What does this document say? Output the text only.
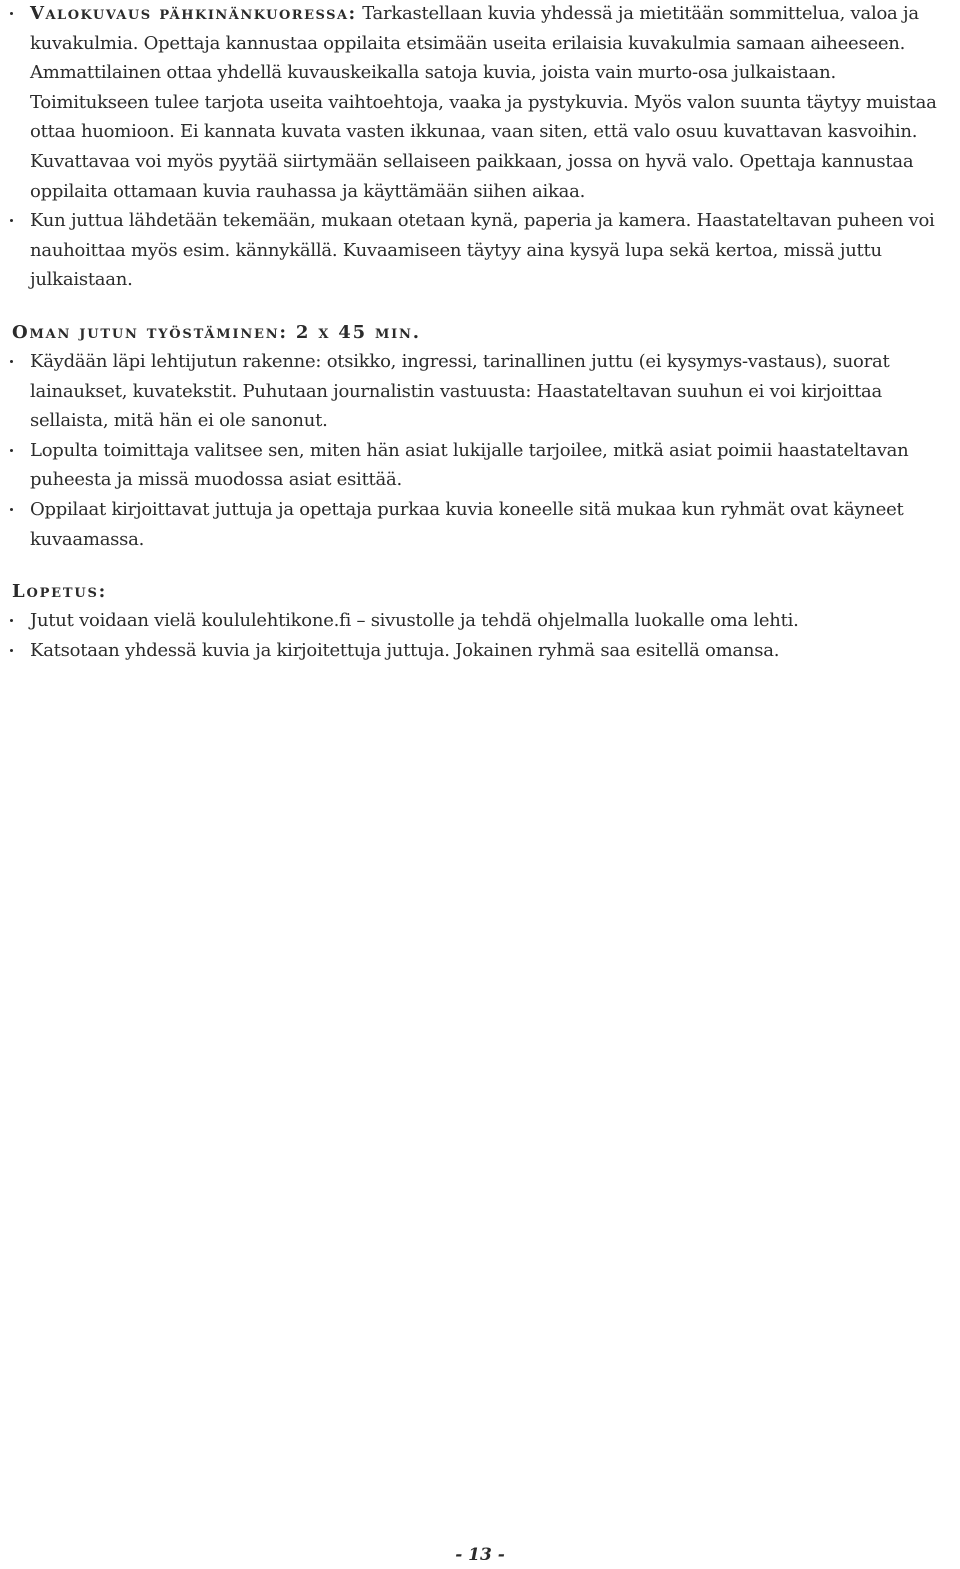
Valokuvaus pähkinänkuoressa: Tarkastellaan kuvia yhdessä ja mietitään sommittelua, valoa ja kuvakulmia. Opettaja kannustaa oppilaita etsimään useita erilaisia kuvakulmia samaan aiheeseen. Ammattilainen ottaa yhdellä kuvauskeikalla satoja kuvia, joista vain murto-osa julkaistaan. Toimitukseen tulee tarjota useita vaihtoehtoja, vaaka ja pystykuvia. Myös valon suunta täytyy muistaa ottaa huomioon. Ei kannata kuvata vasten ikkunaa, vaan siten, että valo osuu kuvattavan kasvoihin. Kuvattavaa voi myös pyytää siirtymään sellaiseen paikkaan, jossa on hyvä valo. Opettaja kannustaa oppilaita ottamaan kuvia rauhassa ja käyttämään siihen aikaa.
Kun juttua lähdetään tekemään, mukaan otetaan kynä, paperia ja kamera. Haastateltavan puheen voi nauhoittaa myös esim. kännykällä. Kuvaamiseen täytyy aina kysyä lupa sekä kertoa, missä juttu julkaistaan.
Oman jutun työstäminen: 2 x 45 min.
Käydään läpi lehtijutun rakenne: otsikko, ingressi, tarinallinen juttu (ei kysymys-vastaus), suorat lainaukset, kuvatekstit. Puhutaan journalistin vastuusta: Haastateltavan suuhun ei voi kirjoittaa sellaista, mitä hän ei ole sanonut.
Lopulta toimittaja valitsee sen, miten hän asiat lukijalle tarjoilee, mitkä asiat poimii haastateltavan puheesta ja missä muodossa asiat esittää.
Oppilaat kirjoittavat juttuja ja opettaja purkaa kuvia koneelle sitä mukaa kun ryhmät ovat käyneet kuvaamassa.
Lopetus:
Jutut voidaan vielä koululehtikone.fi – sivustolle ja tehdä ohjelmalla luokalle oma lehti.
Katsotaan yhdessä kuvia ja kirjoitettuja juttuja. Jokainen ryhmä saa esitellä omansa.
- 13 -
